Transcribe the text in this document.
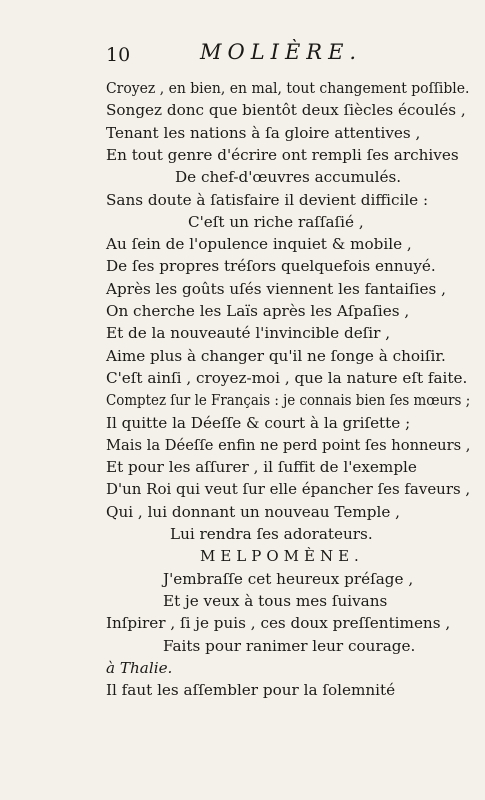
10	MOLIÈRE.
Croyez , en bien, en mal, tout changement poſſible.
Songez donc que bientôt deux ſiècles écoulés ,
Tenant les nations à ſa gloire attentives ,
En tout genre d'écrire ont rempli ſes archives
De chef-d'œuvres accumulés.
Sans doute à ſatisfaire il devient difficile :
C'eſt un riche raſſaſié ,
Au ſein de l'opulence inquiet & mobile ,
De ſes propres tréſors quelquefois ennuyé.
Après les goûts uſés viennent les fantaiſies ,
On cherche les Laïs après les Aſpaſies ,
Et de la nouveauté l'invincible deſir ,
Aime plus à changer qu'il ne ſonge à choiſir.
C'eſt ainſi , croyez-moi , que la nature eſt faite.
Comptez ſur le Français : je connais bien ſes mœurs ;
Il quitte la Déeſſe & court à la griſette ;
Mais la Déeſſe enfin ne perd point ſes honneurs ,
Et pour les aſſurer , il ſuffit de l'exemple
D'un Roi qui veut ſur elle épancher ſes faveurs ,
Qui , lui donnant un nouveau Temple ,
Lui rendra ſes adorateurs.
MELPOMÈNE.
J'embraſſe cet heureux préſage ,
Et je veux à tous mes ſuivans
Inſpirer , ſi je puis , ces doux preſſentimens ,
Faits pour ranimer leur courage.
à Thalie.
Il faut les aſſembler pour la ſolemnité
